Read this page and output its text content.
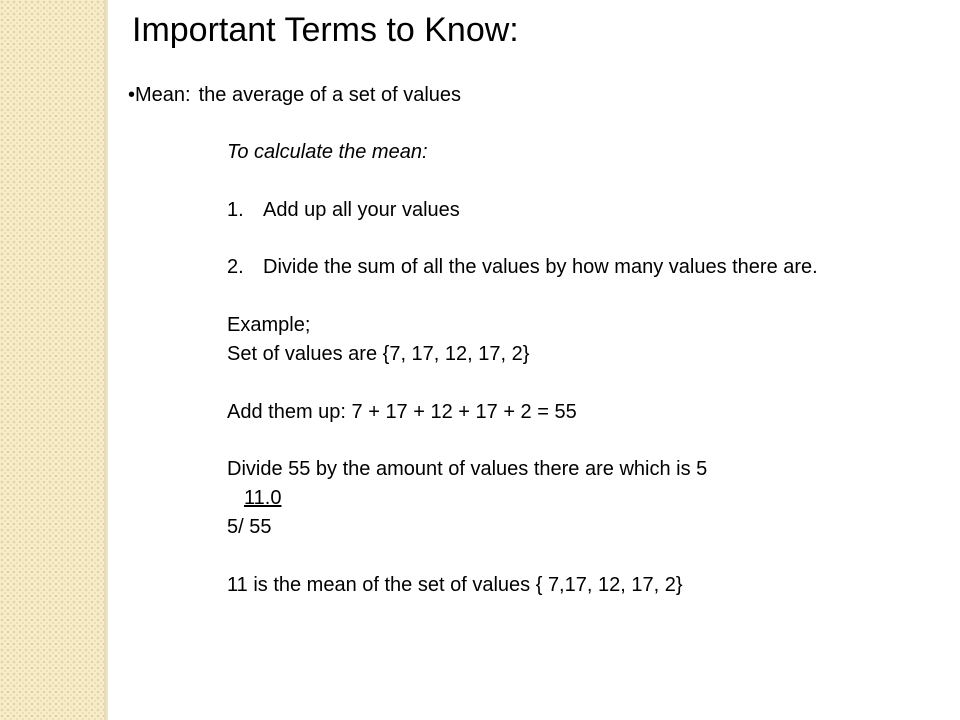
Important Terms to Know:
•Mean: the average of a set of values
To calculate the mean:
1. Add up all your values
2. Divide the sum of all the values by how many values there are.
Example;
Set of values are {7, 17, 12, 17, 2}
Add them up: 7 + 17 + 12 + 17 + 2 = 55
Divide 55 by the amount of values there are which is 5
11.0
5/ 55
11 is the mean of the set of values { 7,17, 12, 17, 2}
